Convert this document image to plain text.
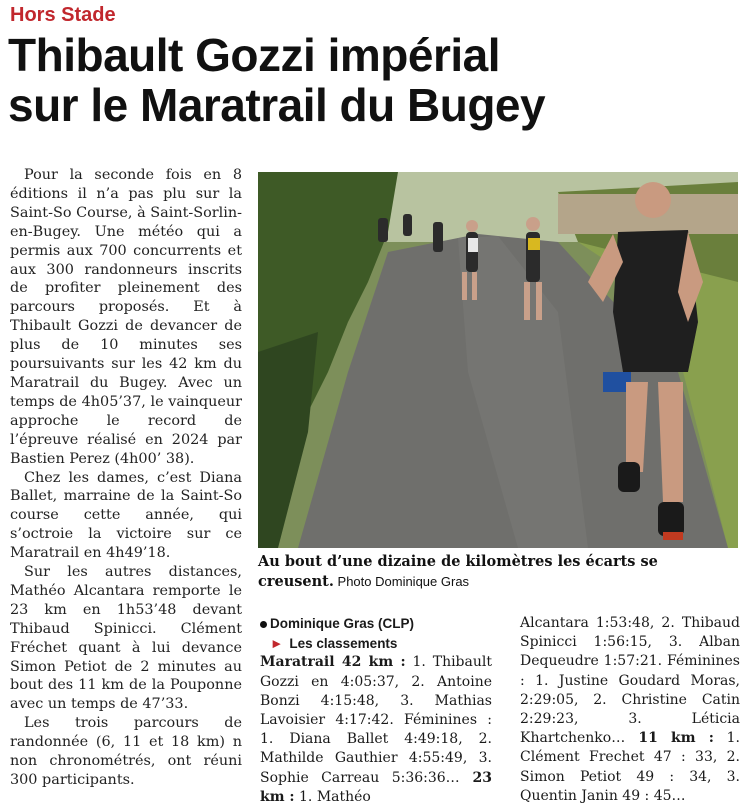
Hors Stade
Thibault Gozzi impérial
sur le Maratrail du Bugey

Pour la seconde fois en 8 éditions il n’a pas plu sur la Saint-So Course, à Saint-Sorlin-en-Bugey. Une météo qui a permis aux 700 concurrents et aux 300 randonneurs inscrits de profiter pleinement des parcours proposés. Et à Thibault Gozzi de devancer de plus de 10 minutes ses poursuivants sur les 42 km du Maratrail du Bugey. Avec un temps de 4h05’37, le vainqueur approche le record de l’épreuve réalisé en 2024 par Bastien Perez (4h00’ 38).

Chez les dames, c’est Diana Ballet, marraine de la Saint-So course cette année, qui s’octroie la victoire sur ce Maratrail en 4h49’18.

Sur les autres distances, Mathéo Alcantara remporte le 23 km en 1h53’48 devant Thibaud Spinicci. Clément Fréchet quant à lui devance Simon Petiot de 2 minutes au bout des 11 km de la Pouponne avec un temps de 47’33.

Les trois parcours de randonnée (6, 11 et 18 km) n non chronométrés, ont réuni 300 participants.

Au bout d’une dizaine de kilomètres les écarts se creusent. Photo Dominique Gras
Dominique Gras (CLP)
► Les classements
Maratrail 42 km : 1. Thibault Gozzi en 4:05:37, 2. Antoine Bonzi 4:15:48, 3. Mathias Lavoisier 4:17:42. Féminines : 1. Diana Ballet 4:49:18, 2. Mathilde Gauthier 4:55:49, 3. Sophie Carreau 5:36:36… 23 km : 1. Mathéo
Alcantara 1:53:48, 2. Thibaud Spinicci 1:56:15, 3. Alban Dequeudre 1:57:21. Féminines : 1. Justine Goudard Moras, 2:29:05, 2. Christine Catin 2:29:23, 3. Léticia Khartchenko… 11 km : 1. Clément Frechet 47 : 33, 2. Simon Petiot 49 : 34, 3. Quentin Janin 49 : 45…
